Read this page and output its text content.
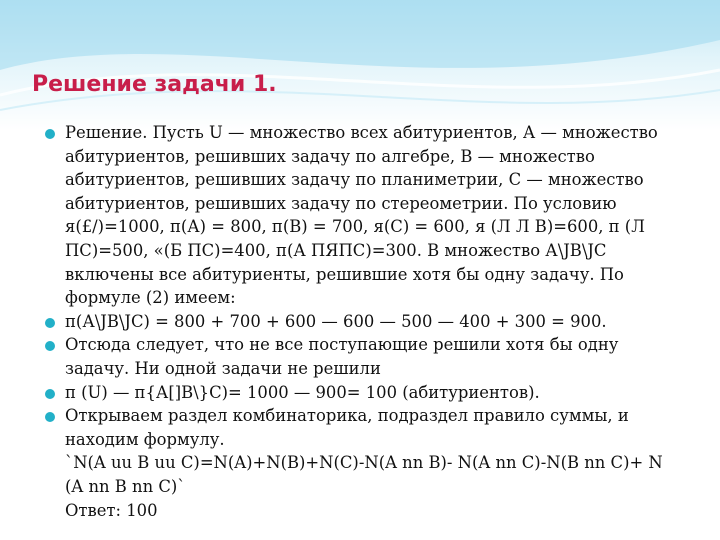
Решение задачи 1.
Решение. Пусть U — множество всех абитуриентов, А — множество
абитуриентов, решивших задачу по алгебре, В — множество
абитуриентов, решивших задачу по планиметрии, С — множество
абитуриентов, решивших задачу по стереометрии. По условию
я(£/)=1000, п(А) = 800, п(В) = 700, я(С) = 600, я (Л Л В)=600, п (Л
ПС)=500, «(Б ПС)=400, п(А ПЯПС)=300. В множество А\JB\JC
включены все абитуриенты, решившие хотя бы одну задачу. По
формуле (2) имеем:
п(А\JB\JC) = 800 + 700 + 600 — 600 — 500 — 400 + 300 = 900.
Отсюда следует, что не все поступающие решили хотя бы одну
задачу. Ни одной задачи не решили
п (U) — п{А[]В\}С)= 1000 — 900= 100 (абитуриентов).
Открываем раздел комбинаторика, подраздел правило суммы, и
находим формулу.
`N(A uu B uu C)=N(A)+N(B)+N(C)-N(A nn B)- N(A nn C)-N(B nn C)+ N
(A nn B nn C)`
Ответ: 100
